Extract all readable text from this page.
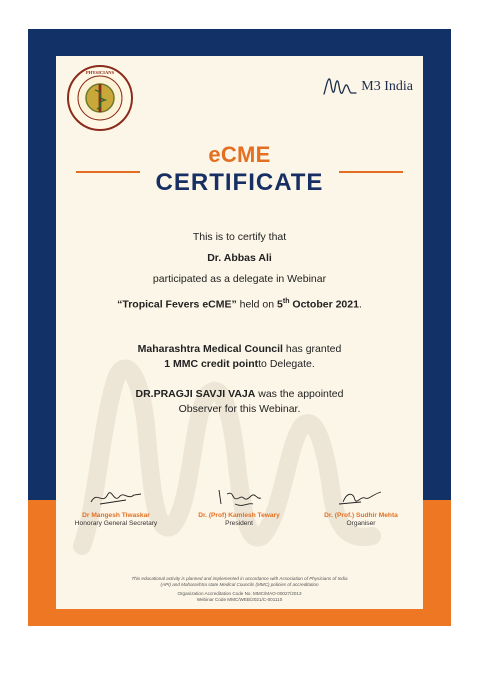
PHYSICIANS
M3 India
eCME
CERTIFICATE
This is to certify that
Dr. Abbas Ali
participated as a delegate in Webinar
“Tropical Fevers eCME” held on 5th October 2021.
Maharashtra Medical Council has granted
1 MMC credit pointto Delegate.
DR.PRAGJI SAVJI VAJA was the appointed
Observer for this Webinar.
Dr Mangesh Tiwaskar
Honorary General Secretary
Dr. (Prof) Kamlesh Tewary
President
Dr. (Prof.) Sudhir Mehta
Organiser
This educational activity is planned and implemented in accordance with Association of Physicians of India
(API) and Maharashtra state Medical Councils (MMC) policies of accreditation
Organization Accreditation Code No. MMC/MAO-00027/2013
Webinar Code MMC/WEB/2021/C-001110
